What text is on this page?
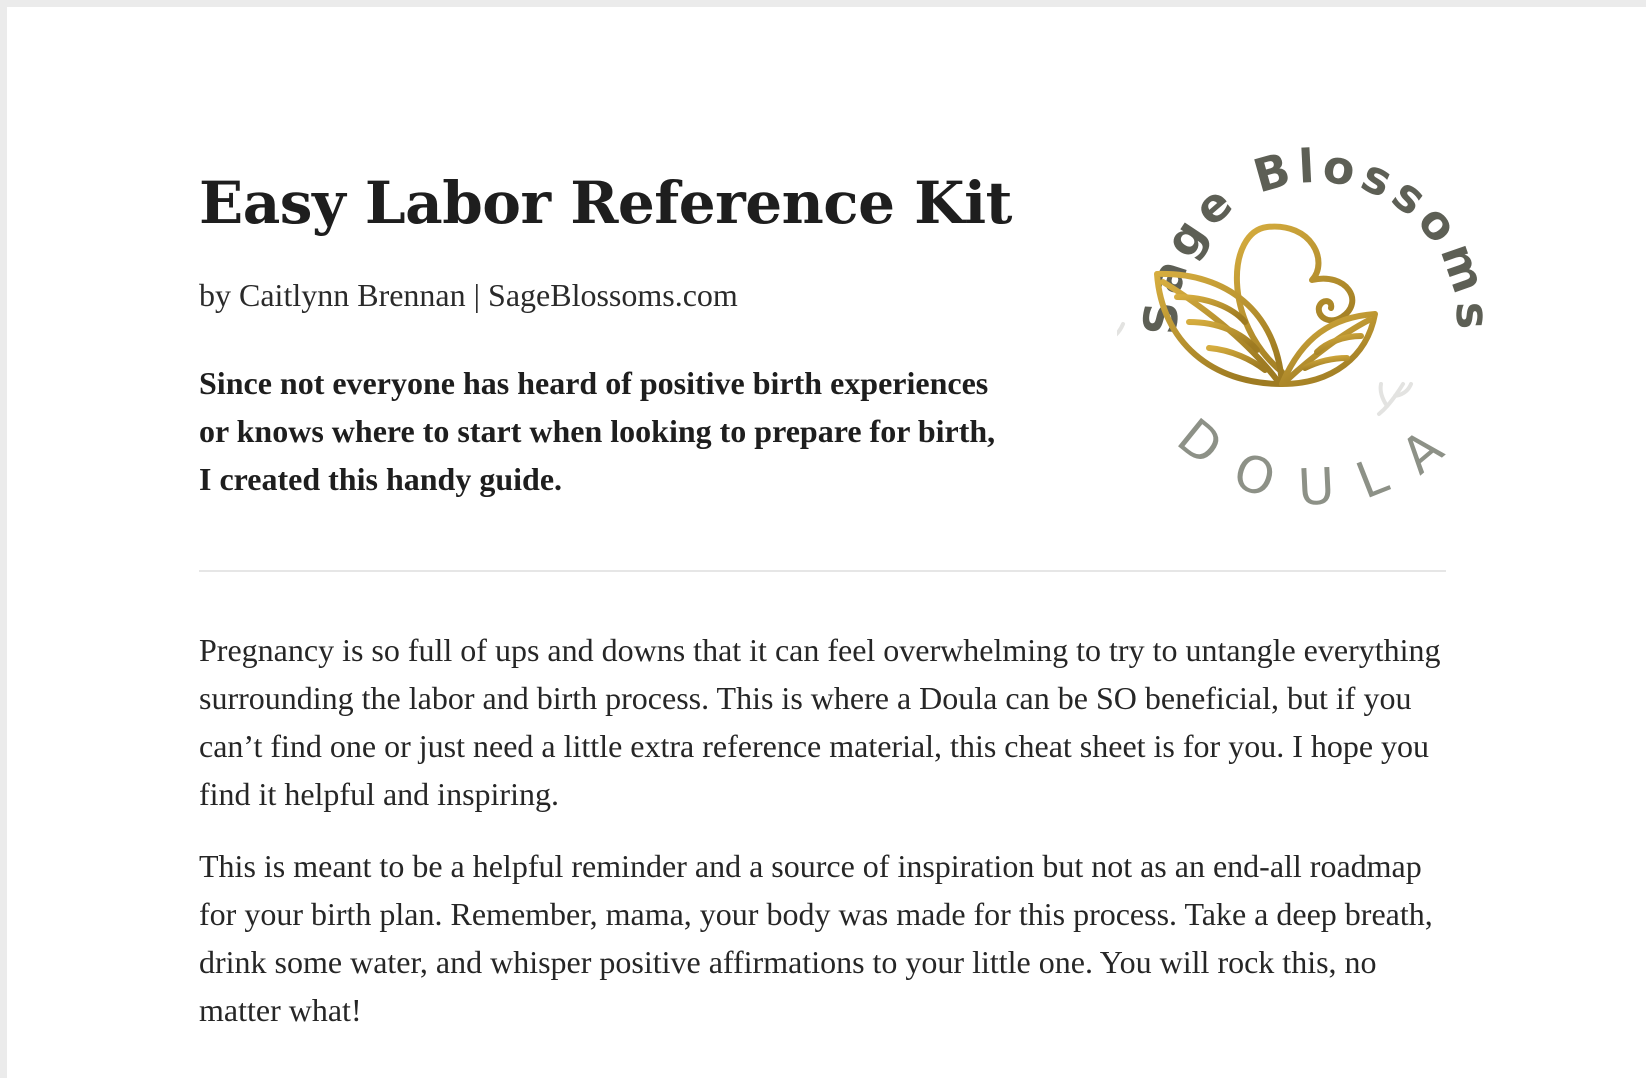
Easy Labor Reference Kit
by Caitlynn Brennan | SageBlossoms.com

Since not everyone has heard of positive birth experiences or knows where to start when looking to prepare for birth, I created this handy guide.

Sage Blossoms
DOULA

Pregnancy is so full of ups and downs that it can feel overwhelming to try to untangle everything surrounding the labor and birth process. This is where a Doula can be SO beneficial, but if you can’t find one or just need a little extra reference material, this cheat sheet is for you. I hope you find it helpful and inspiring.

This is meant to be a helpful reminder and a source of inspiration but not as an end-all roadmap for your birth plan. Remember, mama, your body was made for this process. Take a deep breath, drink some water, and whisper positive affirmations to your little one. You will rock this, no matter what!
